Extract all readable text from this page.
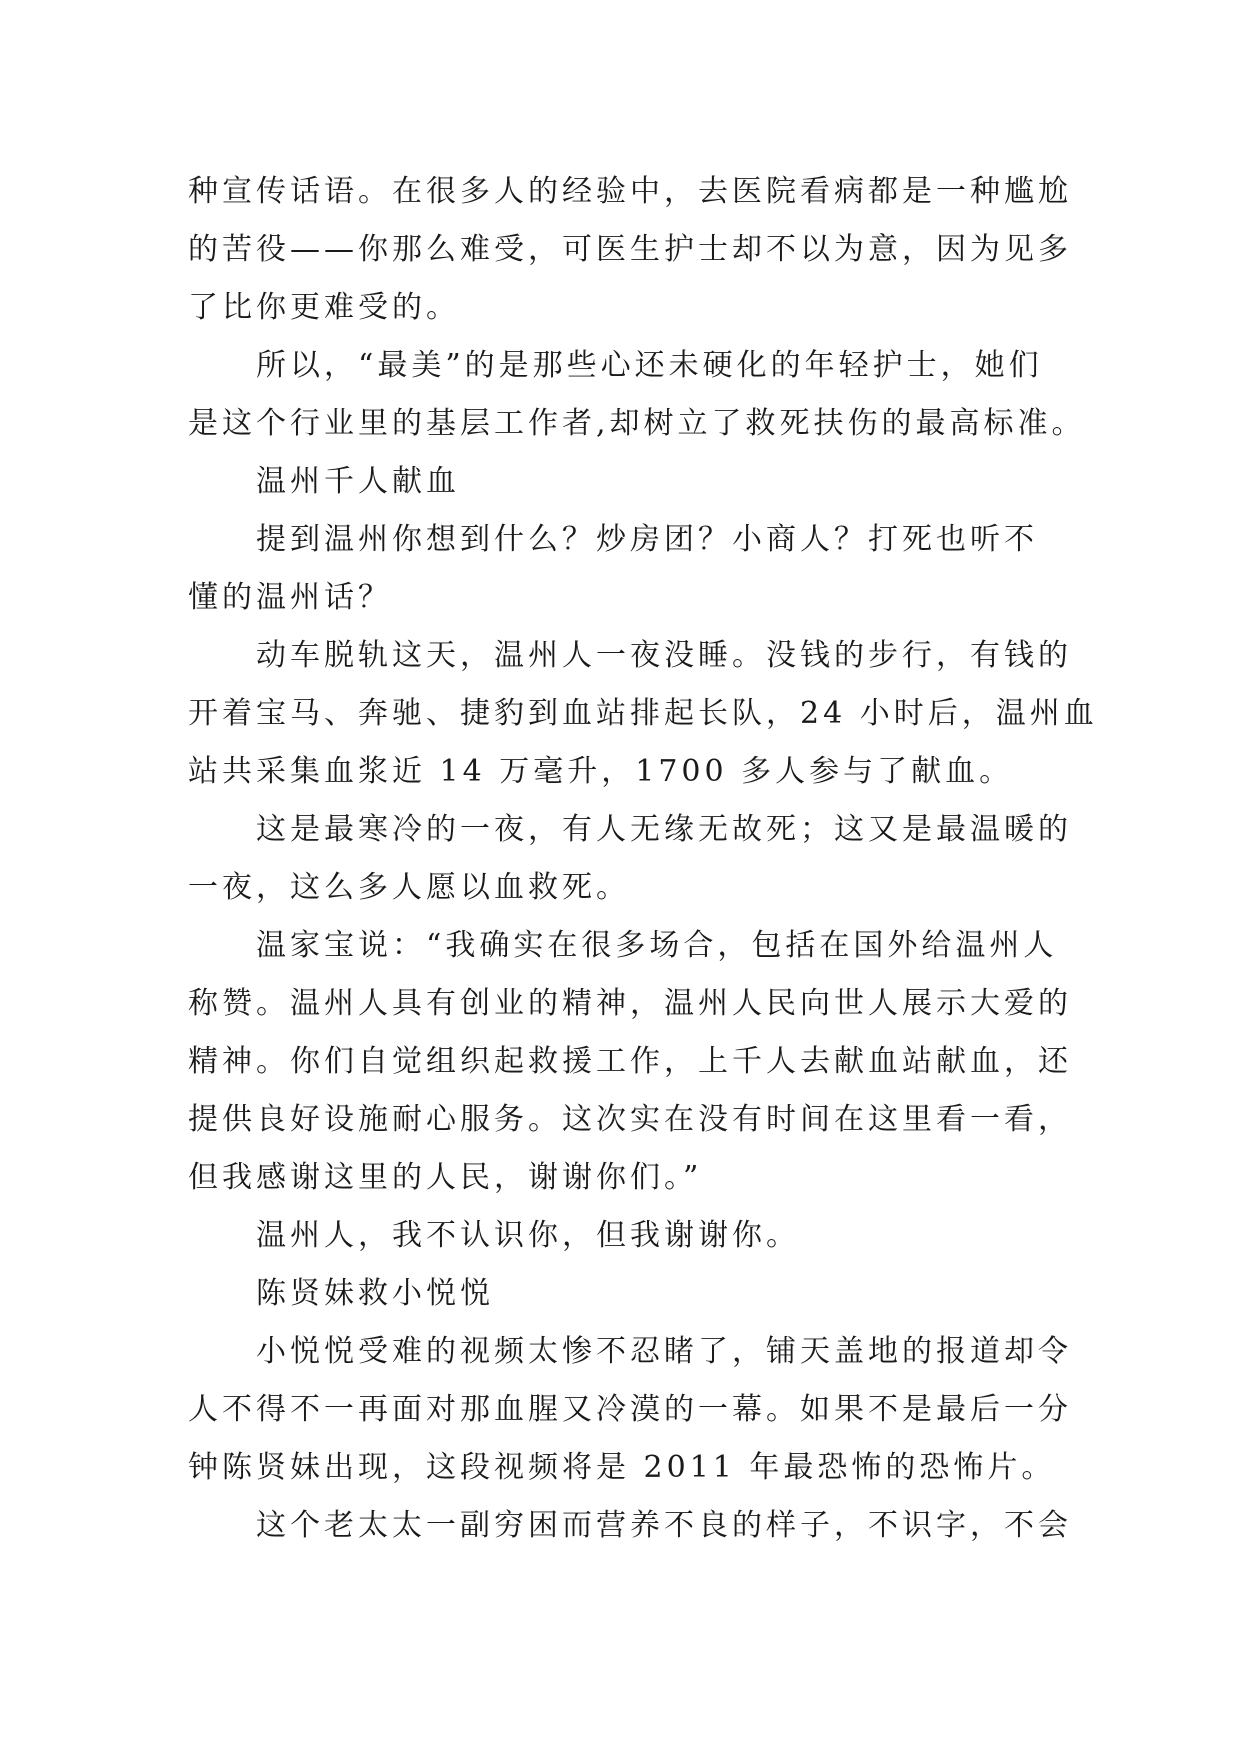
种宣传话语。在很多人的经验中，去医院看病都是一种尴尬
的苦役——你那么难受，可医生护士却不以为意，因为见多
了比你更难受的。
　　所以，“最美”的是那些心还未硬化的年轻护士，她们
是这个行业里的基层工作者,却树立了救死扶伤的最高标准。
　　温州千人献血
　　提到温州你想到什么？炒房团？小商人？打死也听不
懂的温州话？
　　动车脱轨这天，温州人一夜没睡。没钱的步行，有钱的
开着宝马、奔驰、捷豹到血站排起长队，24 小时后，温州血
站共采集血浆近 14 万毫升，1700 多人参与了献血。
　　这是最寒冷的一夜，有人无缘无故死；这又是最温暖的
一夜，这么多人愿以血救死。
　　温家宝说：“我确实在很多场合，包括在国外给温州人
称赞。温州人具有创业的精神，温州人民向世人展示大爱的
精神。你们自觉组织起救援工作，上千人去献血站献血，还
提供良好设施耐心服务。这次实在没有时间在这里看一看，
但我感谢这里的人民，谢谢你们。”
　　温州人，我不认识你，但我谢谢你。
　　陈贤妹救小悦悦
　　小悦悦受难的视频太惨不忍睹了，铺天盖地的报道却令
人不得不一再面对那血腥又冷漠的一幕。如果不是最后一分
钟陈贤妹出现，这段视频将是 2011 年最恐怖的恐怖片。
　　这个老太太一副穷困而营养不良的样子，不识字，不会
